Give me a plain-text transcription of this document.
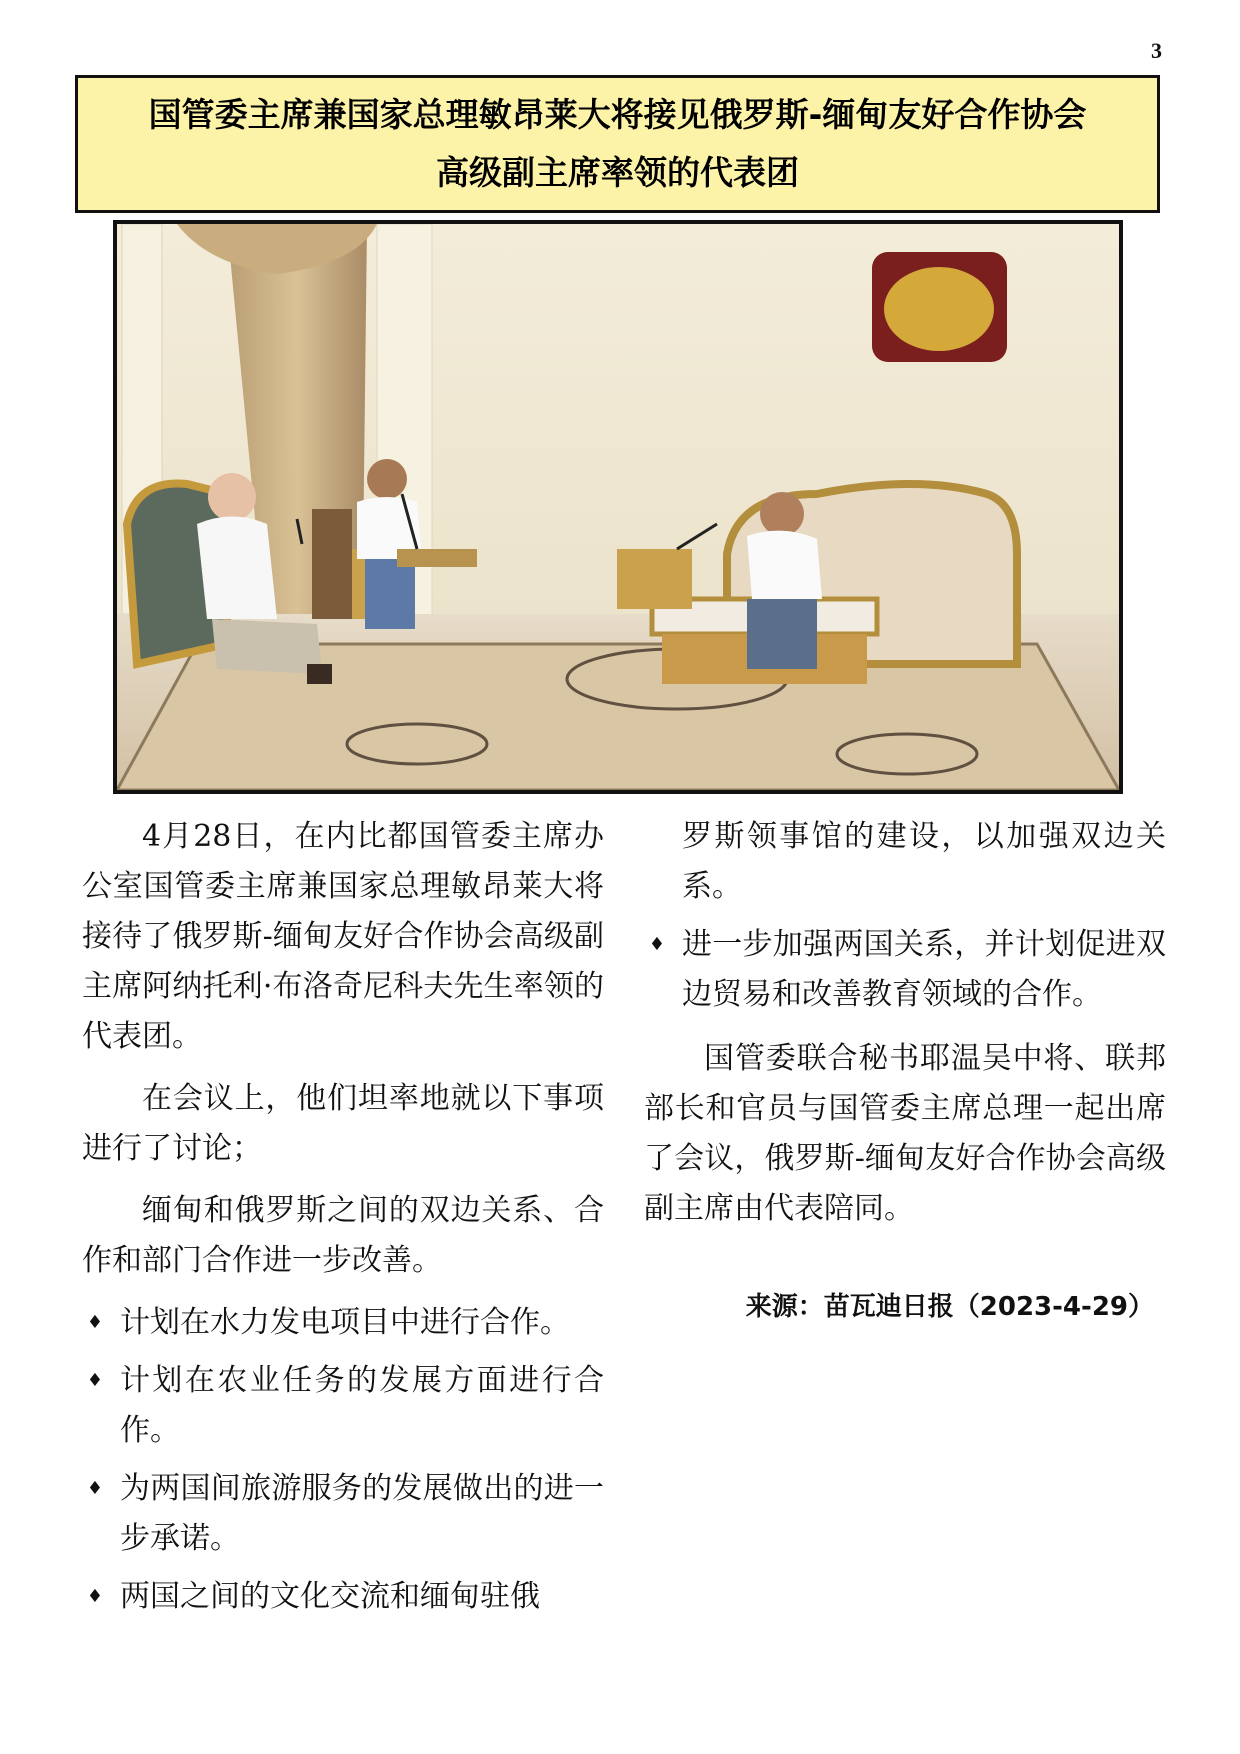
3
国管委主席兼国家总理敏昂莱大将接见俄罗斯-缅甸友好合作协会
高级副主席率领的代表团

4月28日，在内比都国管委主席办公室国管委主席兼国家总理敏昂莱大将接待了俄罗斯-缅甸友好合作协会高级副主席阿纳托利·布洛奇尼科夫先生率领的代表团。

在会议上，他们坦率地就以下事项进行了讨论；

缅甸和俄罗斯之间的双边关系、合作和部门合作进一步改善。

♦ 计划在水力发电项目中进行合作。
♦ 计划在农业任务的发展方面进行合作。
♦ 为两国间旅游服务的发展做出的进一步承诺。
♦ 两国之间的文化交流和缅甸驻俄
罗斯领事馆的建设，以加强双边关系。
♦ 进一步加强两国关系，并计划促进双边贸易和改善教育领域的合作。

国管委联合秘书耶温吴中将、联邦部长和官员与国管委主席总理一起出席了会议，俄罗斯-缅甸友好合作协会高级副主席由代表陪同。

来源：苗瓦迪日报（2023-4-29）
